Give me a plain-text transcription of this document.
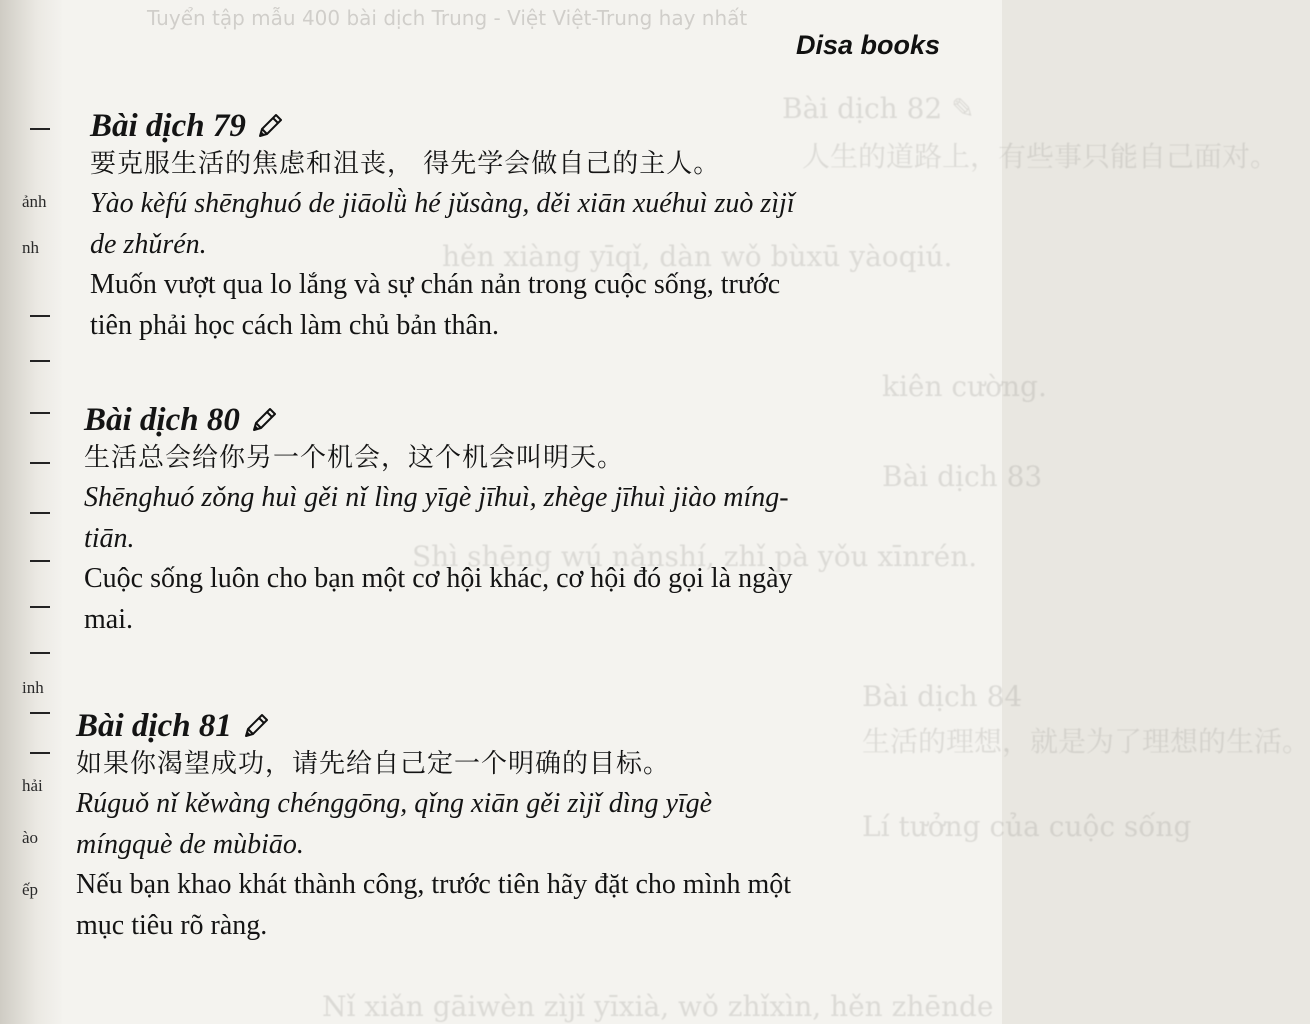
ảnh
nh
inh
hải
ào
ếp
Tuyển tập mẫu 400 bài dịch Trung - Việt Việt-Trung hay nhất
Bài dịch 82 ✎
人生的道路上，有些事只能自己面对。
hěn xiàng yīqǐ, dàn wǒ bùxū yàoqiú.
kiên cường.
Bài dịch 83
Shì shēng wú nǎnshí, zhǐ pà yǒu xīnrén.
Bài dịch 84
生活的理想，就是为了理想的生活。
Lí tưởng của cuộc sống
Nǐ xiǎn gāiwèn zìjǐ yīxià, wǒ zhǐxìn, hěn zhēnde
Disa books
Bài dịch 79
要克服生活的焦虑和沮丧， 得先学会做自己的主人。
Yào kèfú shēnghuó de jiāolǜ hé jǔsàng, děi xiān xuéhuì zuò zìjǐ
de zhǔrén.
Muốn vượt qua lo lắng và sự chán nản trong cuộc sống, trước
tiên phải học cách làm chủ bản thân.
Bài dịch 80
生活总会给你另一个机会，这个机会叫明天。
Shēnghuó zǒng huì gěi nǐ lìng yīgè jīhuì, zhège jīhuì jiào míng-
tiān.
Cuộc sống luôn cho bạn một cơ hội khác, cơ hội đó gọi là ngày
mai.
Bài dịch 81
如果你渴望成功，请先给自己定一个明确的目标。
Rúguǒ nǐ kěwàng chénggōng, qǐng xiān gěi zìjǐ dìng yīgè
míngquè de mùbiāo.
Nếu bạn khao khát thành công, trước tiên hãy đặt cho mình một
mục tiêu rõ ràng.
